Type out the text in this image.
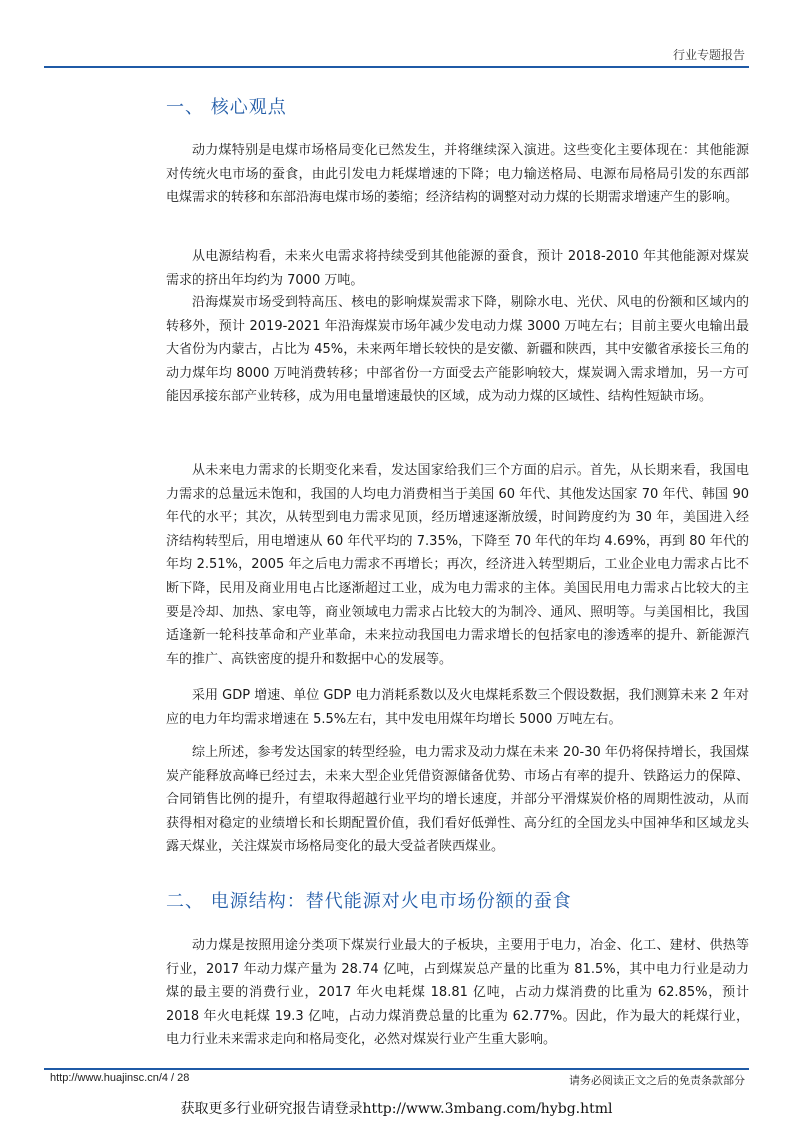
行业专题报告
一、 核心观点
动力煤特别是电煤市场格局变化已然发生，并将继续深入演进。这些变化主要体现在：其他能源对传统火电市场的蚕食，由此引发电力耗煤增速的下降；电力输送格局、电源布局格局引发的东西部电煤需求的转移和东部沿海电煤市场的萎缩；经济结构的调整对动力煤的长期需求增速产生的影响。
从电源结构看，未来火电需求将持续受到其他能源的蚕食，预计 2018-2010 年其他能源对煤炭需求的挤出年均约为 7000 万吨。
沿海煤炭市场受到特高压、核电的影响煤炭需求下降，剔除水电、光伏、风电的份额和区域内的转移外，预计 2019-2021 年沿海煤炭市场年减少发电动力煤 3000 万吨左右；目前主要火电输出最大省份为内蒙古，占比为 45%，未来两年增长较快的是安徽、新疆和陕西，其中安徽省承接长三角的动力煤年均 8000 万吨消费转移；中部省份一方面受去产能影响较大，煤炭调入需求增加，另一方可能因承接东部产业转移，成为用电量增速最快的区域，成为动力煤的区域性、结构性短缺市场。
从未来电力需求的长期变化来看，发达国家给我们三个方面的启示。首先，从长期来看，我国电力需求的总量远未饱和，我国的人均电力消费相当于美国 60 年代、其他发达国家 70 年代、韩国 90 年代的水平；其次，从转型到电力需求见顶，经历增速逐渐放缓，时间跨度约为 30 年，美国进入经济结构转型后，用电增速从 60 年代平均的 7.35%，下降至 70 年代的年均 4.69%，再到 80 年代的年均 2.51%，2005 年之后电力需求不再增长；再次，经济进入转型期后，工业企业电力需求占比不断下降，民用及商业用电占比逐渐超过工业，成为电力需求的主体。美国民用电力需求占比较大的主要是冷却、加热、家电等，商业领域电力需求占比较大的为制冷、通风、照明等。与美国相比，我国适逢新一轮科技革命和产业革命，未来拉动我国电力需求增长的包括家电的渗透率的提升、新能源汽车的推广、高铁密度的提升和数据中心的发展等。
采用 GDP 增速、单位 GDP 电力消耗系数以及火电煤耗系数三个假设数据，我们测算未来 2 年对应的电力年均需求增速在 5.5%左右，其中发电用煤年均增长 5000 万吨左右。
综上所述，参考发达国家的转型经验，电力需求及动力煤在未来 20-30 年仍将保持增长，我国煤炭产能释放高峰已经过去，未来大型企业凭借资源储备优势、市场占有率的提升、铁路运力的保障、合同销售比例的提升，有望取得超越行业平均的增长速度，并部分平滑煤炭价格的周期性波动，从而获得相对稳定的业绩增长和长期配置价值，我们看好低弹性、高分红的全国龙头中国神华和区域龙头露天煤业，关注煤炭市场格局变化的最大受益者陕西煤业。
二、 电源结构：替代能源对火电市场份额的蚕食
动力煤是按照用途分类项下煤炭行业最大的子板块，主要用于电力，冶金、化工、建材、供热等行业，2017 年动力煤产量为 28.74 亿吨，占到煤炭总产量的比重为 81.5%，其中电力行业是动力煤的最主要的消费行业，2017 年火电耗煤 18.81 亿吨，占动力煤消费的比重为 62.85%，预计 2018 年火电耗煤 19.3 亿吨，占动力煤消费总量的比重为 62.77%。因此，作为最大的耗煤行业，电力行业未来需求走向和格局变化，必然对煤炭行业产生重大影响。
http://www.huajinsc.cn/4 / 28	请务必阅读正文之后的免责条款部分
获取更多行业研究报告请登录http://www.3mbang.com/hybg.html
